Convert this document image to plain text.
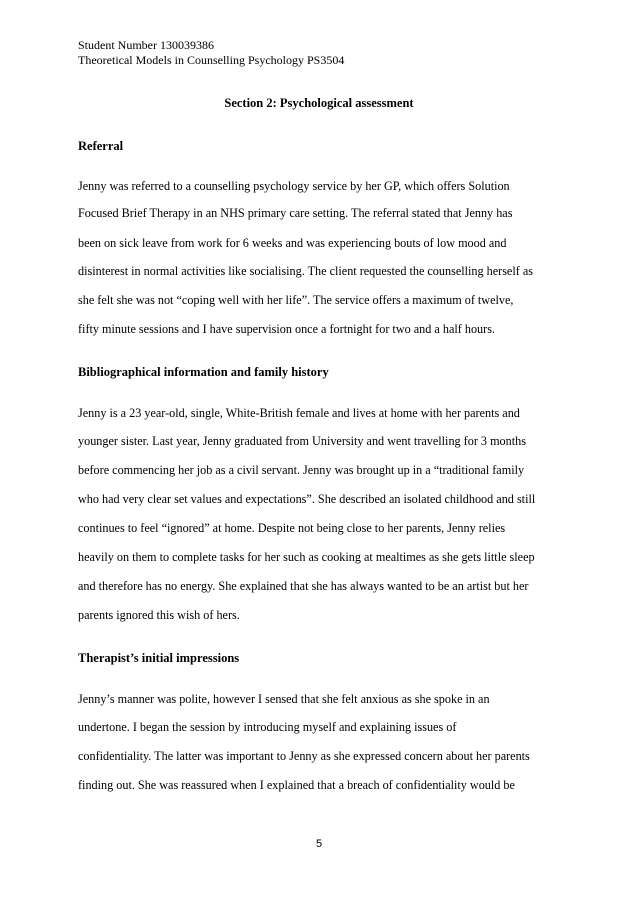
Student Number 130039386
Theoretical Models in Counselling Psychology PS3504
Section 2: Psychological assessment
Referral
Jenny was referred to a counselling psychology service by her GP, which offers Solution
Focused Brief Therapy in an NHS primary care setting. The referral stated that Jenny has
been on sick leave from work for 6 weeks and was experiencing bouts of low mood and
disinterest in normal activities like socialising. The client requested the counselling herself as
she felt she was not “coping well with her life”. The service offers a maximum of twelve,
fifty minute sessions and I have supervision once a fortnight for two and a half hours.
Bibliographical information and family history
Jenny is a 23 year-old, single, White-British female and lives at home with her parents and
younger sister. Last year, Jenny graduated from University and went travelling for 3 months
before commencing her job as a civil servant. Jenny was brought up in a “traditional family
who had very clear set values and expectations”. She described an isolated childhood and still
continues to feel “ignored” at home. Despite not being close to her parents, Jenny relies
heavily on them to complete tasks for her such as cooking at mealtimes as she gets little sleep
and therefore has no energy. She explained that she has always wanted to be an artist but her
parents ignored this wish of hers.
Therapist’s initial impressions
Jenny’s manner was polite, however I sensed that she felt anxious as she spoke in an
undertone. I began the session by introducing myself and explaining issues of
confidentiality. The latter was important to Jenny as she expressed concern about her parents
finding out. She was reassured when I explained that a breach of confidentiality would be
5
